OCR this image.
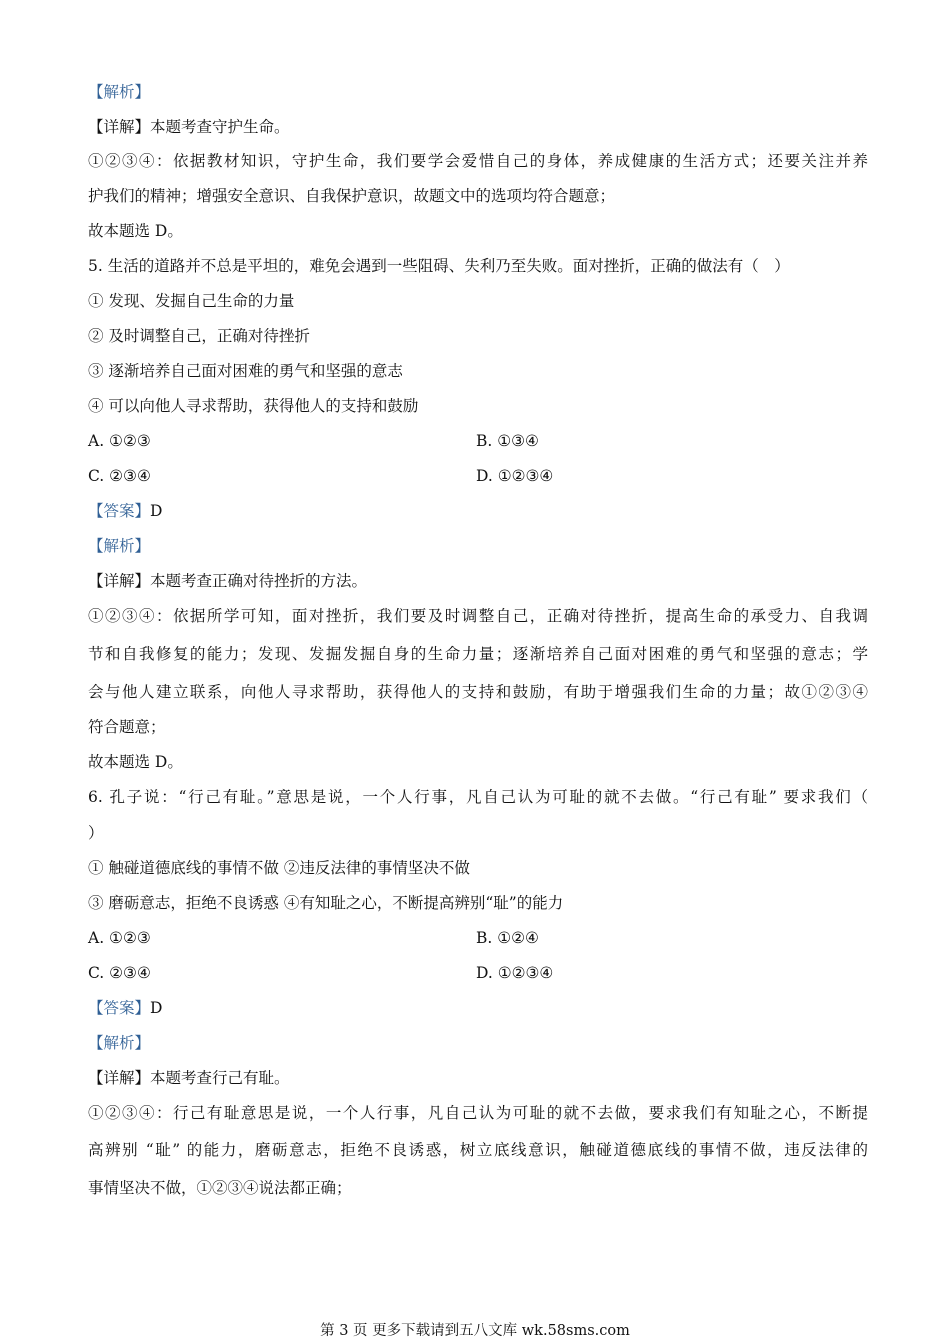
【解析】
【详解】本题考查守护生命。
①②③④：依据教材知识，守护生命，我们要学会爱惜自己的身体，养成健康的生活方式；还要关注并养
护我们的精神；增强安全意识、自我保护意识，故题文中的选项均符合题意；
故本题选 D。
5. 生活的道路并不总是平坦的，难免会遇到一些阻碍、失利乃至失败。面对挫折，正确的做法有（　）
① 发现、发掘自己生命的力量
② 及时调整自己，正确对待挫折
③ 逐渐培养自己面对困难的勇气和坚强的意志
④ 可以向他人寻求帮助，获得他人的支持和鼓励
A. ①②③	B. ①③④
C. ②③④	D. ①②③④
【答案】D
【解析】
【详解】本题考查正确对待挫折的方法。
①②③④：依据所学可知，面对挫折，我们要及时调整自己，正确对待挫折，提高生命的承受力、自我调
节和自我修复的能力；发现、发掘发掘自身的生命力量；逐渐培养自己面对困难的勇气和坚强的意志；学
会与他人建立联系，向他人寻求帮助，获得他人的支持和鼓励，有助于增强我们生命的力量；故①②③④
符合题意；
故本题选 D。
6. 孔子说：“行己有耻。”意思是说，一个人行事，凡自己认为可耻的就不去做。“行己有耻” 要求我们（
）
① 触碰道德底线的事情不做 ②违反法律的事情坚决不做
③ 磨砺意志，拒绝不良诱惑 ④有知耻之心，不断提高辨别“耻”的能力
A. ①②③	B. ①②④
C. ②③④	D. ①②③④
【答案】D
【解析】
【详解】本题考查行己有耻。
①②③④：行己有耻意思是说，一个人行事，凡自己认为可耻的就不去做，要求我们有知耻之心，不断提
高辨别 “耻” 的能力，磨砺意志，拒绝不良诱惑，树立底线意识，触碰道德底线的事情不做，违反法律的
事情坚决不做，①②③④说法都正确；
第 3 页 更多下载请到五八文库 wk.58sms.com
